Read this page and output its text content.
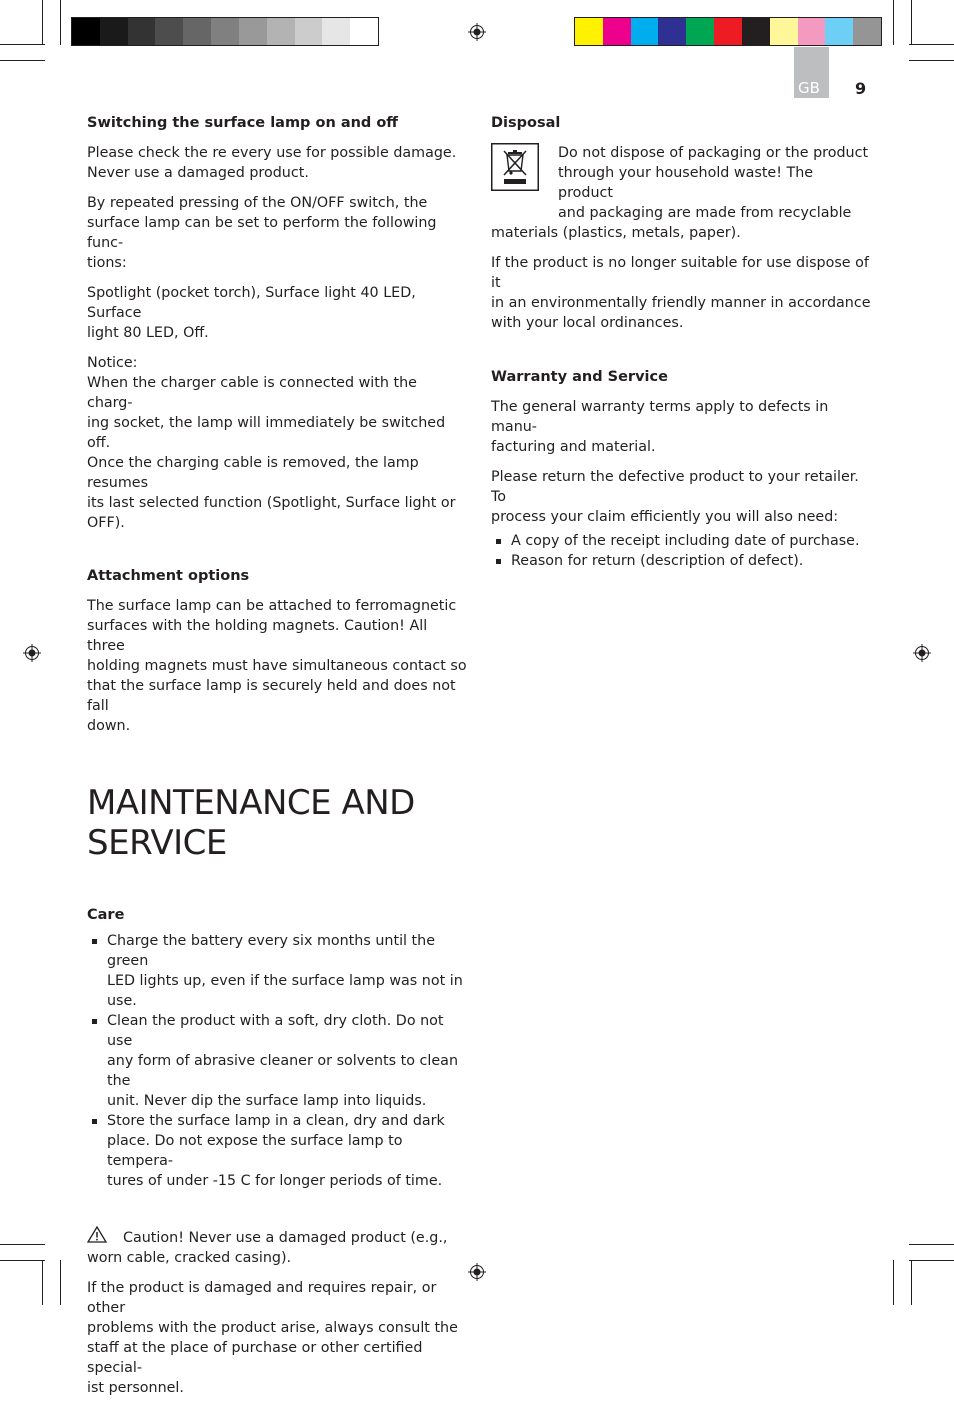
GB 9
Switching the surface lamp on and off

Please check the re every use for possible damage.
Never use a damaged product.

By repeated pressing of the ON/OFF switch, the
surface lamp can be set to perform the following func-
tions:

Spotlight (pocket torch), Surface light 40 LED, Surface
light 80 LED, Off.

Notice:
When the charger cable is connected with the charg-
ing socket, the lamp will immediately be switched off.
Once the charging cable is removed, the lamp resumes
its last selected function (Spotlight, Surface light or
OFF).

Attachment options

The surface lamp can be attached to ferromagnetic
surfaces with the holding magnets. Caution! All three
holding magnets must have simultaneous contact so
that the surface lamp is securely held and does not fall
down.

MAINTENANCE AND
SERVICE
Care
Charge the battery every six months until the green
LED lights up, even if the surface lamp was not in
use.
Clean the product with a soft, dry cloth. Do not use
any form of abrasive cleaner or solvents to clean the
unit. Never dip the surface lamp into liquids.
Store the surface lamp in a clean, dry and dark
place. Do not expose the surface lamp to tempera-
tures of under -15 C for longer periods of time.

Caution! Never use a damaged product (e.g.,
worn cable, cracked casing).

If the product is damaged and requires repair, or other
problems with the product arise, always consult the
staff at the place of purchase or other certified special-
ist personnel.

Disposal
Do not dispose of packaging or the product
through your household waste! The product
and packaging are made from recyclable
materials (plastics, metals, paper).

If the product is no longer suitable for use dispose of it
in an environmentally friendly manner in accordance
with your local ordinances.

Warranty and Service

The general warranty terms apply to defects in manu-
facturing and material.

Please return the defective product to your retailer. To
process your claim efficiently you will also need:

A copy of the receipt including date of purchase.
Reason for return (description of defect).
